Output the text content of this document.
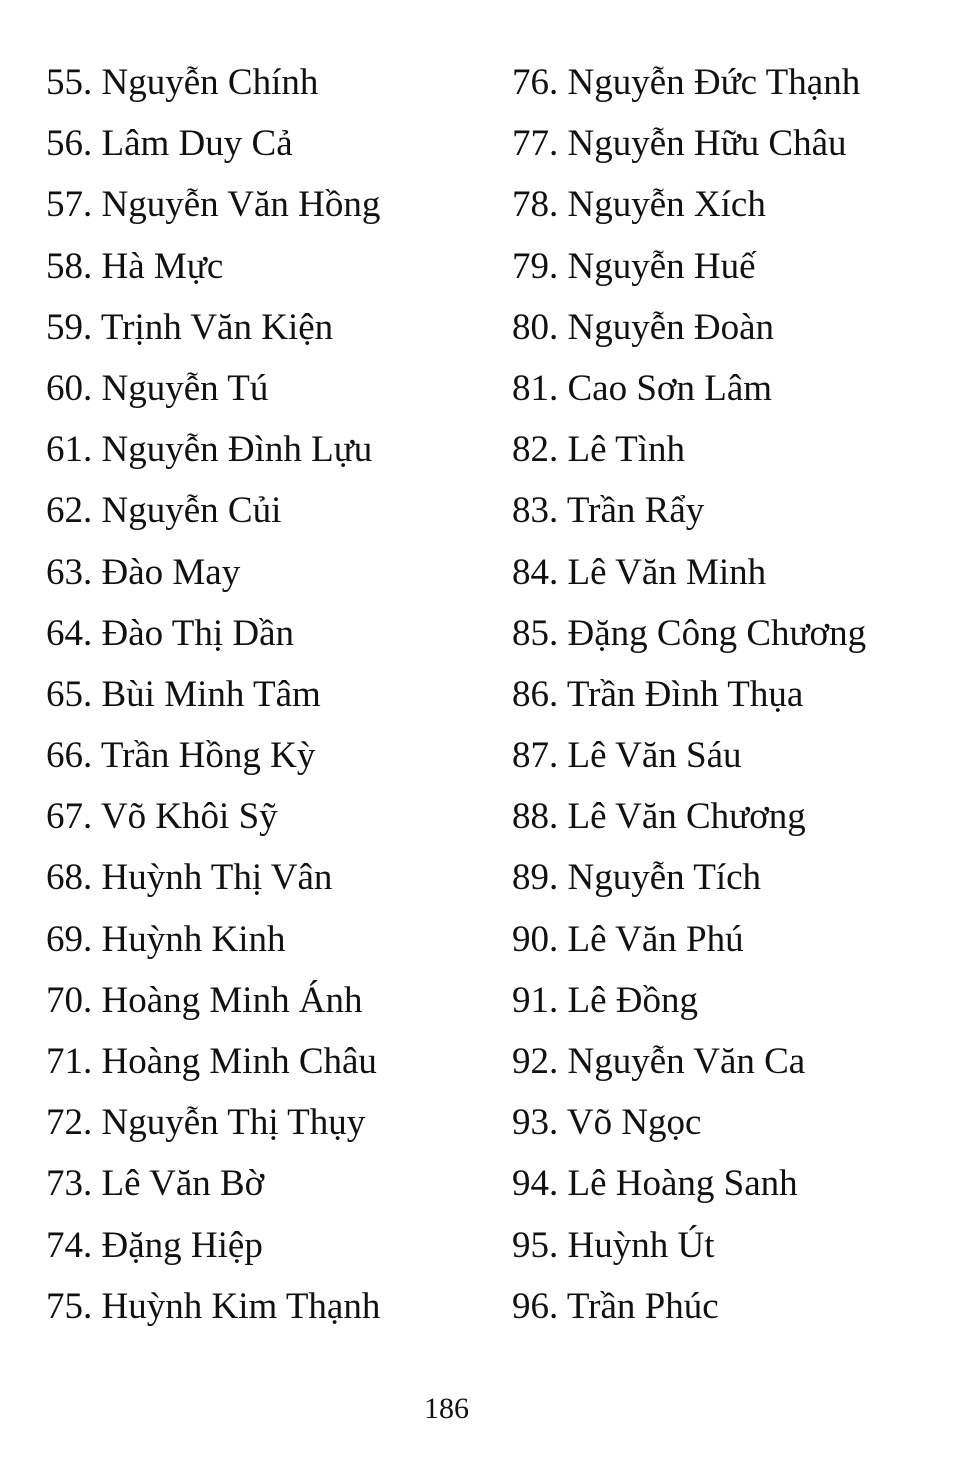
55. Nguyễn Chính
56. Lâm Duy Cả
57. Nguyễn Văn Hồng
58. Hà Mực
59. Trịnh Văn Kiện
60. Nguyễn Tú
61. Nguyễn Đình Lựu
62. Nguyễn Củi
63. Đào May
64. Đào Thị Dần
65. Bùi Minh Tâm
66. Trần Hồng Kỳ
67. Võ Khôi Sỹ
68. Huỳnh Thị Vân
69. Huỳnh Kinh
70. Hoàng Minh Ánh
71. Hoàng Minh Châu
72. Nguyễn Thị Thụy
73. Lê Văn Bờ
74. Đặng Hiệp
75. Huỳnh Kim Thạnh
76. Nguyễn Đức Thạnh
77. Nguyễn Hữu Châu
78. Nguyễn Xích
79. Nguyễn Huế
80. Nguyễn Đoàn
81. Cao Sơn Lâm
82. Lê Tình
83. Trần Rẩy
84. Lê Văn Minh
85. Đặng Công Chương
86. Trần Đình Thụa
87. Lê Văn Sáu
88. Lê Văn Chương
89. Nguyễn Tích
90. Lê Văn Phú
91. Lê Đồng
92. Nguyễn Văn Ca
93. Võ Ngọc
94. Lê Hoàng Sanh
95. Huỳnh Út
96. Trần Phúc
186
